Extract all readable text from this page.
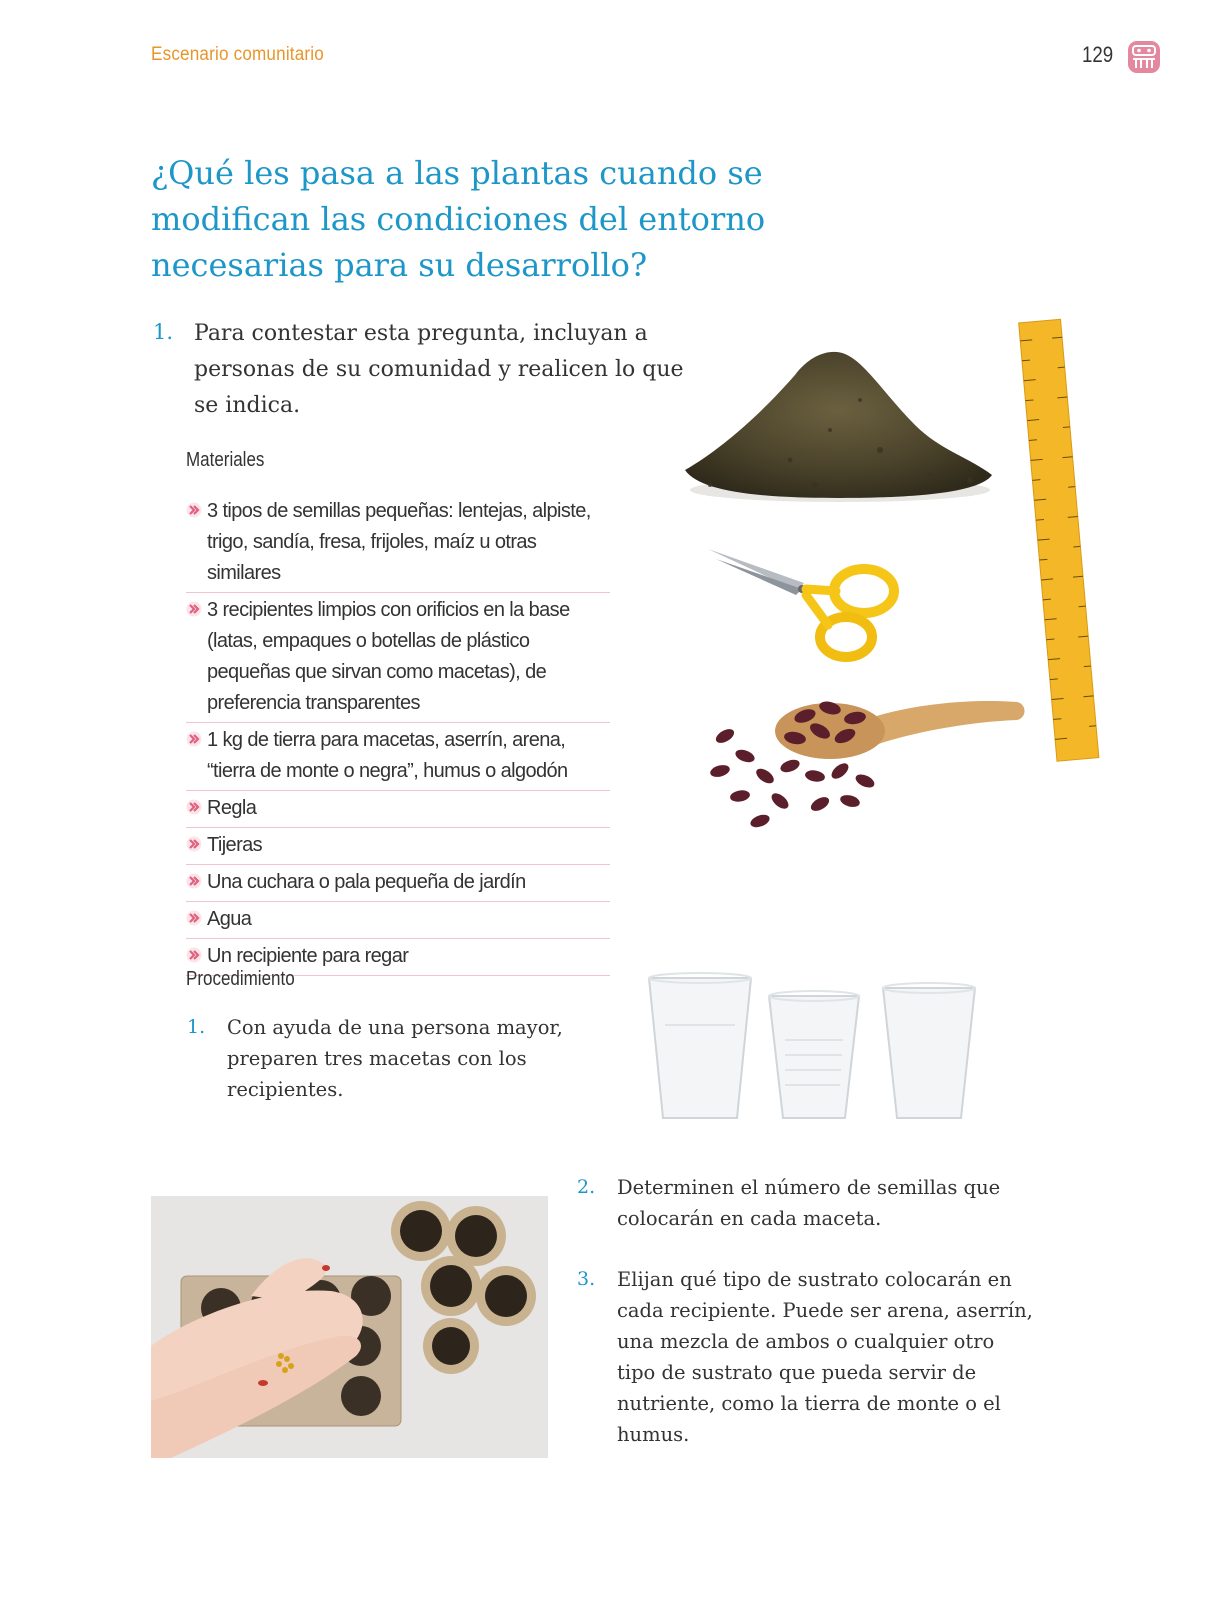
Escenario comunitario	129
¿Qué les pasa a las plantas cuando se modifican las condiciones del entorno necesarias para su desarrollo?
1. Para contestar esta pregunta, incluyan a personas de su comunidad y realicen lo que se indica.
Materiales
3 tipos de semillas pequeñas: lentejas, alpiste, trigo, sandía, fresa, frijoles, maíz u otras similares
3 recipientes limpios con orificios en la base (latas, empaques o botellas de plástico pequeñas que sirvan como macetas), de preferencia transparentes
1 kg de tierra para macetas, aserrín, arena, “tierra de monte o negra”, humus o algodón
Regla
Tijeras
Una cuchara o pala pequeña de jardín
Agua
Un recipiente para regar
Procedimiento
1. Con ayuda de una persona mayor, preparen tres macetas con los recipientes.
2. Determinen el número de semillas que colocarán en cada maceta.
3. Elijan qué tipo de sustrato colocarán en cada recipiente. Puede ser arena, aserrín, una mezcla de ambos o cualquier otro tipo de sustrato que pueda servir de nutriente, como la tierra de monte o el humus.
